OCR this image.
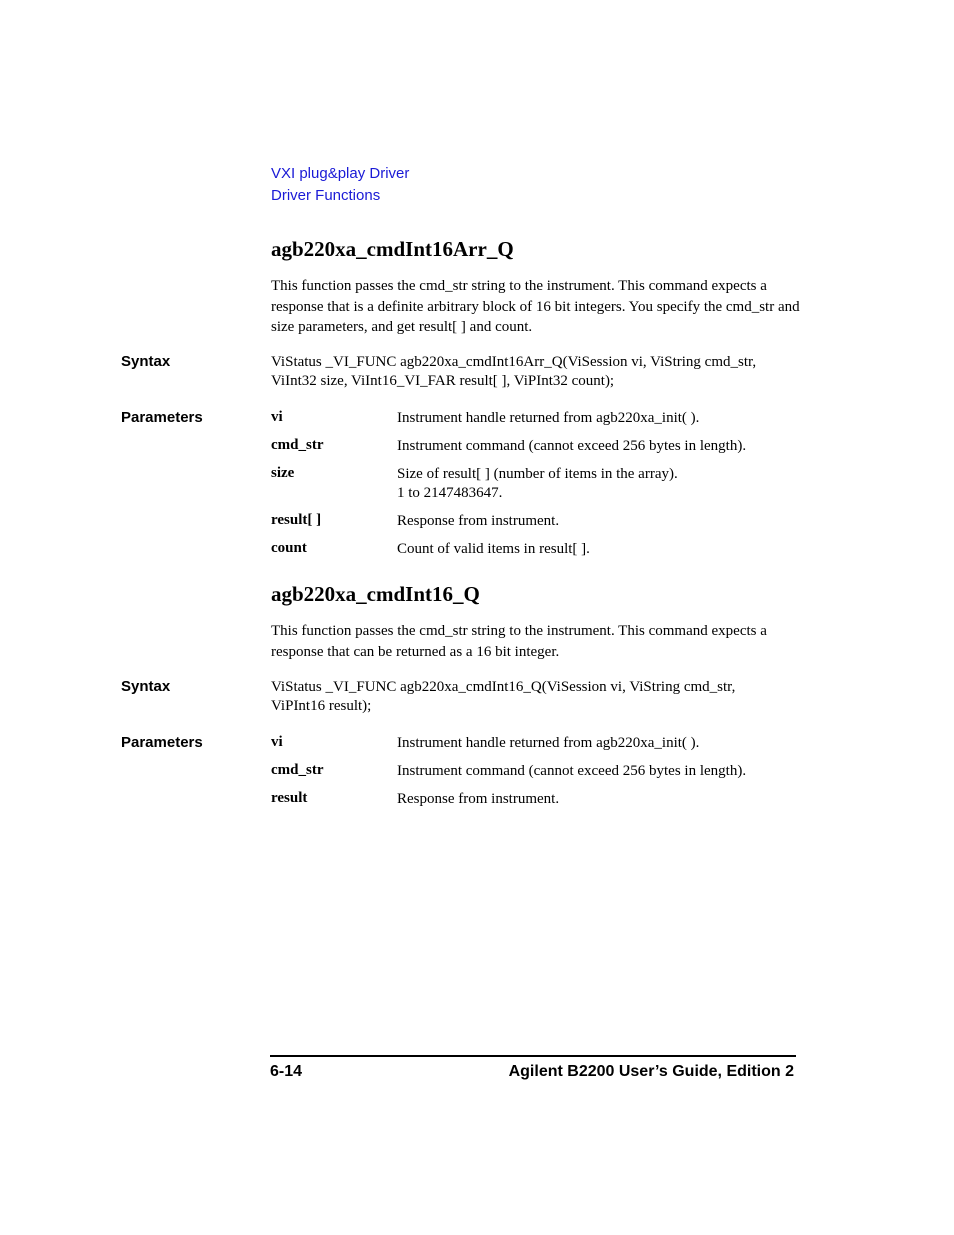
VXI plug&play Driver
Driver Functions
agb220xa_cmdInt16Arr_Q
This function passes the cmd_str string to the instrument. This command expects a response that is a definite arbitrary block of 16 bit integers. You specify the cmd_str and size parameters, and get result[ ] and count.
Syntax	ViStatus _VI_FUNC agb220xa_cmdInt16Arr_Q(ViSession vi, ViString cmd_str,
ViInt32 size, ViInt16_VI_FAR result[ ], ViPInt32 count);
Parameters	vi	Instrument handle returned from agb220xa_init( ).
cmd_str	Instrument command (cannot exceed 256 bytes in length).
size	Size of result[ ] (number of items in the array).
1 to 2147483647.
result[ ]	Response from instrument.
count	Count of valid items in result[ ].
agb220xa_cmdInt16_Q
This function passes the cmd_str string to the instrument. This command expects a response that can be returned as a 16 bit integer.
Syntax	ViStatus _VI_FUNC agb220xa_cmdInt16_Q(ViSession vi, ViString cmd_str,
ViPInt16 result);
Parameters	vi	Instrument handle returned from agb220xa_init( ).
cmd_str	Instrument command (cannot exceed 256 bytes in length).
result	Response from instrument.
6-14	Agilent B2200 User’s Guide, Edition 2
